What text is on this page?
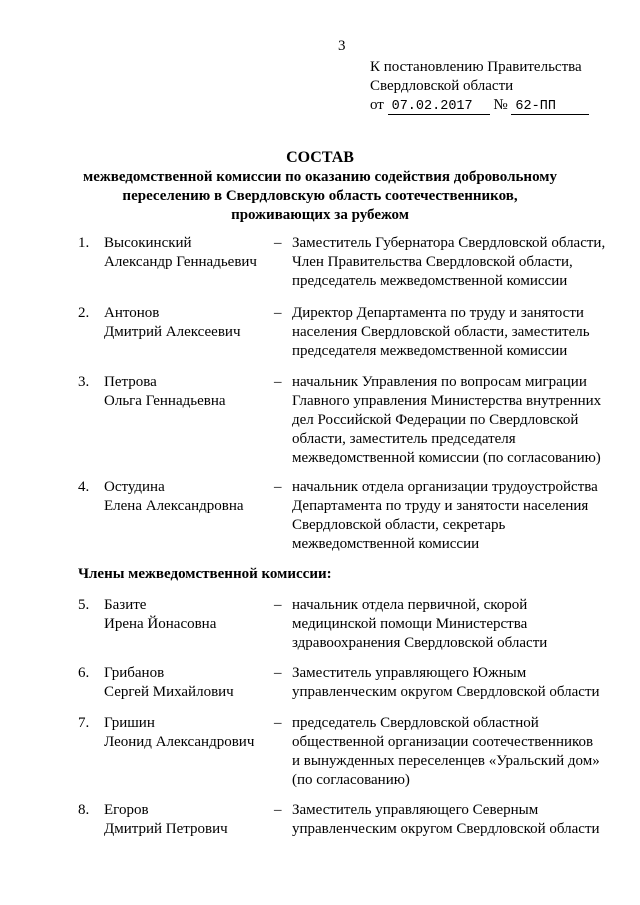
3
К постановлению Правительства
Свердловской области
от 07.02.2017 № 62-ПП
СОСТАВ
межведомственной комиссии по оказанию содействия добровольному
переселению в Свердловскую область соотечественников,
проживающих за рубежом
1. Высокинский
Александр Геннадьевич
– Заместитель Губернатора Свердловской области,
Член Правительства Свердловской области,
председатель межведомственной комиссии
2. Антонов
Дмитрий Алексеевич
– Директор Департамента по труду и занятости
населения Свердловской области, заместитель
председателя межведомственной комиссии
3. Петрова
Ольга Геннадьевна
– начальник Управления по вопросам миграции
Главного управления Министерства внутренних
дел Российской Федерации по Свердловской
области, заместитель председателя
межведомственной комиссии (по согласованию)
4. Остудина
Елена Александровна
– начальник отдела организации трудоустройства
Департамента по труду и занятости населения
Свердловской области, секретарь
межведомственной комиссии
Члены межведомственной комиссии:
5. Базите
Ирена Йонасовна
– начальник отдела первичной, скорой
медицинской помощи Министерства
здравоохранения Свердловской области
6. Грибанов
Сергей Михайлович
– Заместитель управляющего Южным
управленческим округом Свердловской области
7. Гришин
Леонид Александрович
– председатель Свердловской областной
общественной организации соотечественников
и вынужденных переселенцев «Уральский дом»
(по согласованию)
8. Егоров
Дмитрий Петрович
– Заместитель управляющего Северным
управленческим округом Свердловской области
